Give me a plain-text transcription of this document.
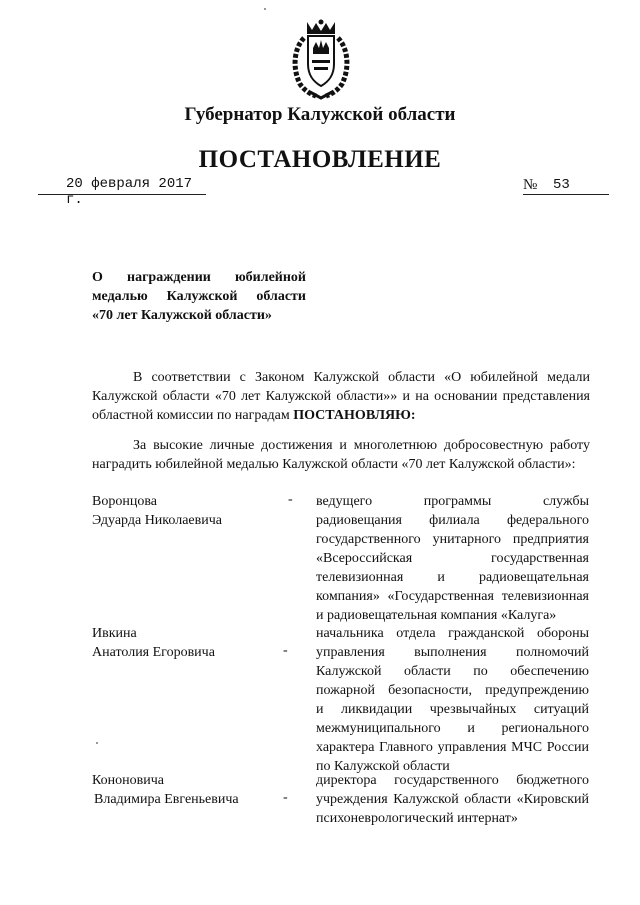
Губернатор Калужской области
ПОСТАНОВЛЕНИЕ
20 февраля 2017 г.
№ 53
О награждении юбилейной
медалью Калужской области
«70 лет Калужской области»
В соответствии с Законом Калужской области «О юбилейной медали
Калужской области «70 лет Калужской области»» и на основании представления
областной комиссии по наградам ПОСТАНОВЛЯЮ:
За высокие личные достижения и многолетнюю добросовестную работу
наградить юбилейной медалью Калужской области «70 лет Калужской области»:
Воронцова
Эдуарда Николаевича
- ведущего программы службы
радиовещания филиала федерального
государственного унитарного предприятия
«Всероссийская государственная
телевизионная и радиовещательная
компания» «Государственная телевизионная
и радиовещательная компания «Калуга»
Ивкина
Анатолия Егоровича	-
начальника отдела гражданской обороны
управления выполнения полномочий
Калужской области по обеспечению
пожарной безопасности, предупреждению
и ликвидации чрезвычайных ситуаций
межмуниципального и регионального
характера Главного управления МЧС России
по Калужской области
Кононовича
Владимира Евгеньевича	-
директора государственного бюджетного
учреждения Калужской области «Кировский
психоневрологический интернат»
